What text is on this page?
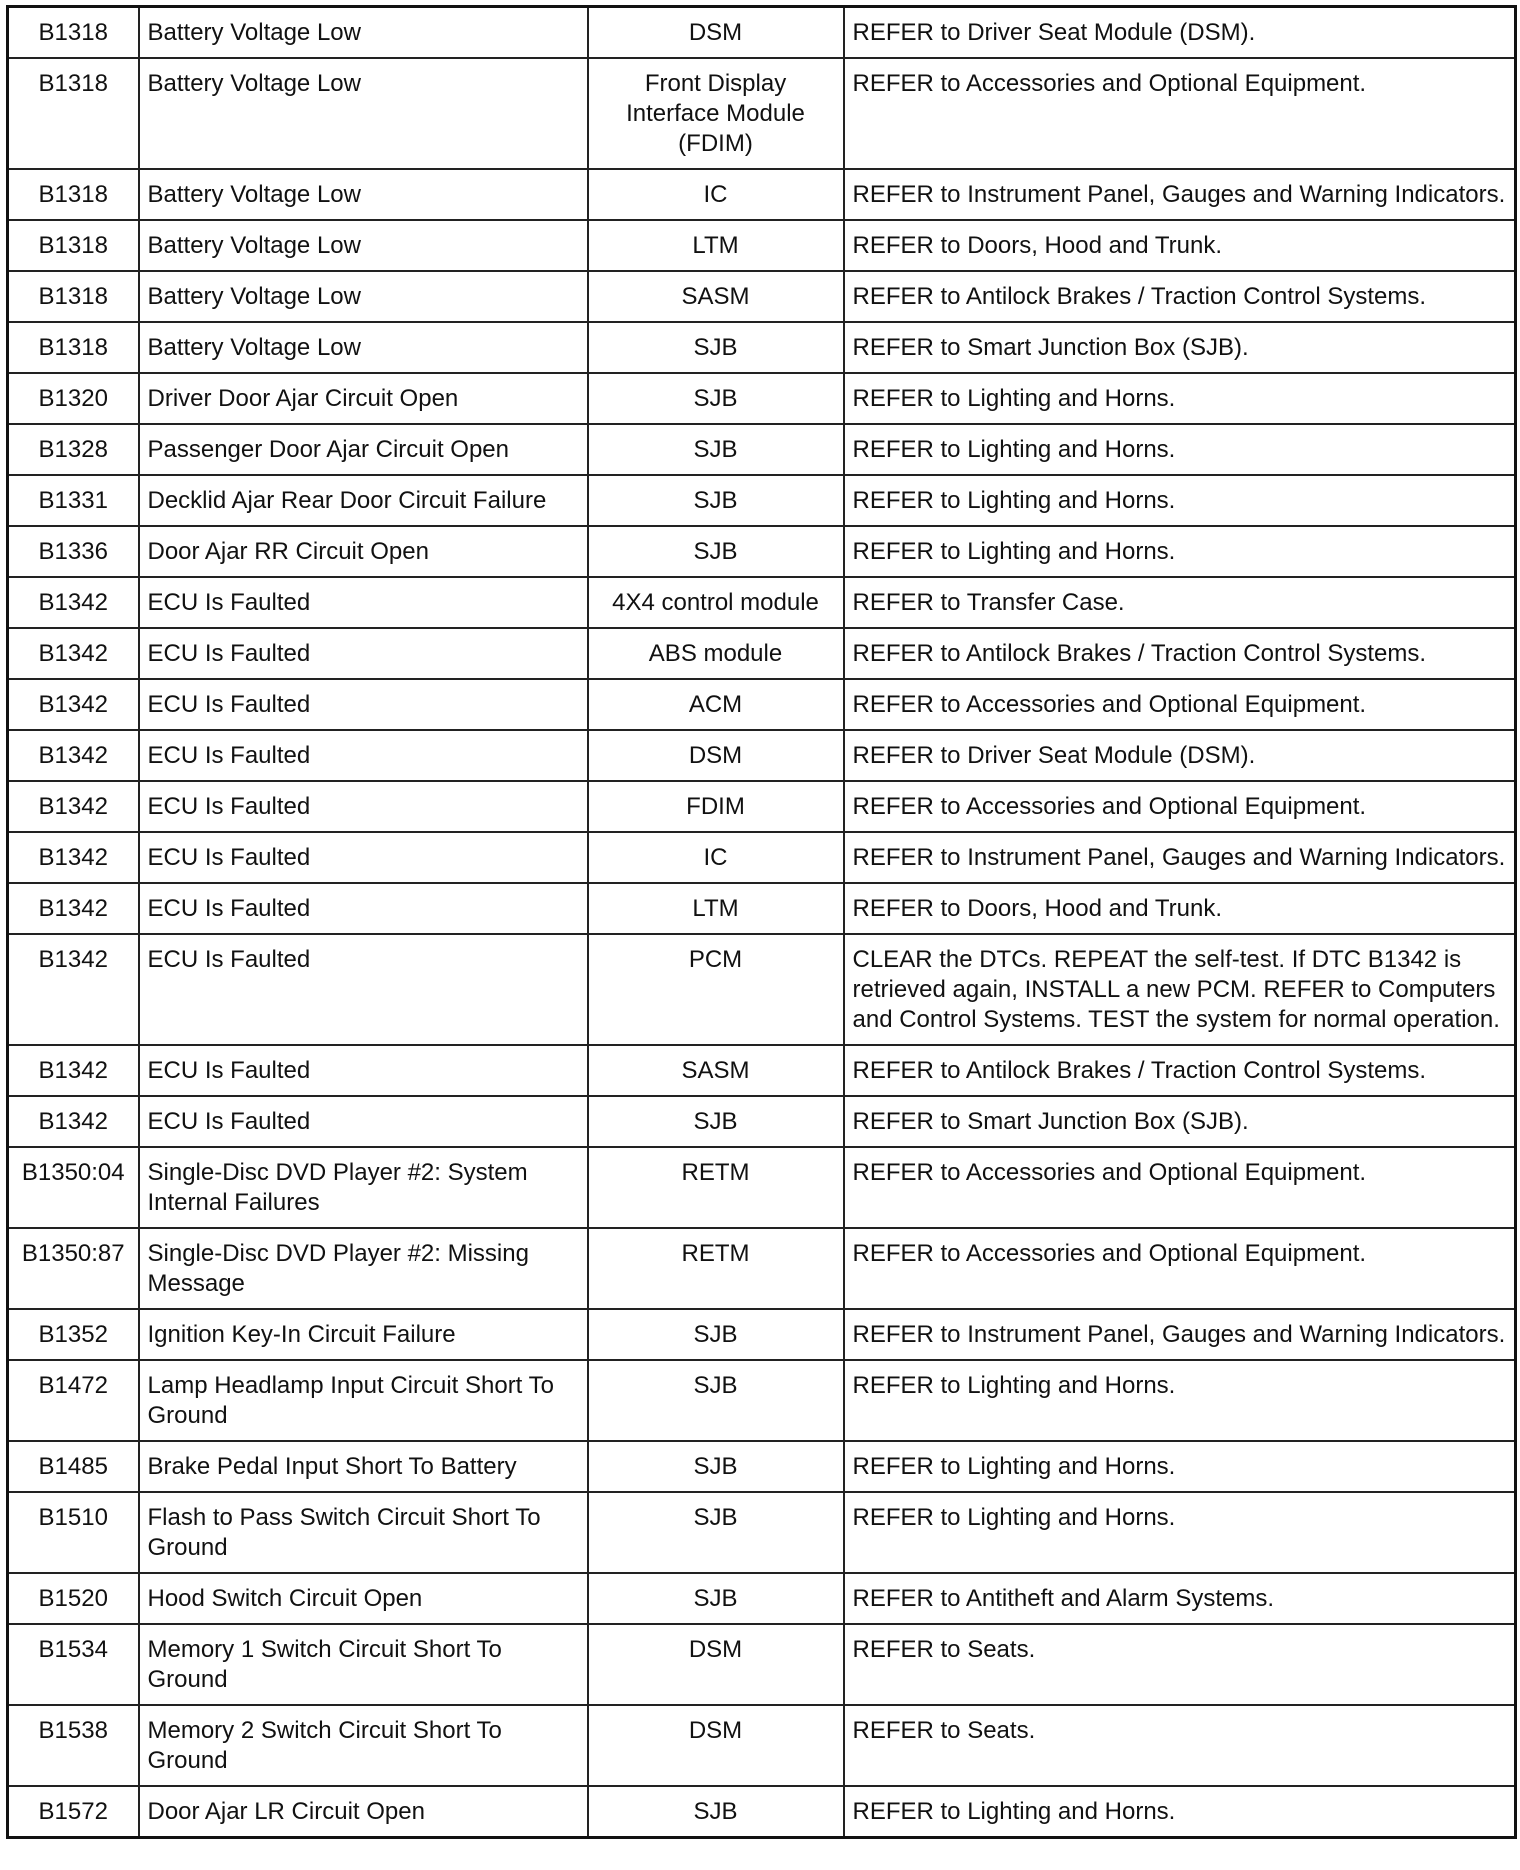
B1318	Battery Voltage Low	DSM	REFER to Driver Seat Module (DSM).
B1318	Battery Voltage Low	Front Display Interface Module (FDIM)	REFER to Accessories and Optional Equipment.
B1318	Battery Voltage Low	IC	REFER to Instrument Panel, Gauges and Warning Indicators.
B1318	Battery Voltage Low	LTM	REFER to Doors, Hood and Trunk.
B1318	Battery Voltage Low	SASM	REFER to Antilock Brakes / Traction Control Systems.
B1318	Battery Voltage Low	SJB	REFER to Smart Junction Box (SJB).
B1320	Driver Door Ajar Circuit Open	SJB	REFER to Lighting and Horns.
B1328	Passenger Door Ajar Circuit Open	SJB	REFER to Lighting and Horns.
B1331	Decklid Ajar Rear Door Circuit Failure	SJB	REFER to Lighting and Horns.
B1336	Door Ajar RR Circuit Open	SJB	REFER to Lighting and Horns.
B1342	ECU Is Faulted	4X4 control module	REFER to Transfer Case.
B1342	ECU Is Faulted	ABS module	REFER to Antilock Brakes / Traction Control Systems.
B1342	ECU Is Faulted	ACM	REFER to Accessories and Optional Equipment.
B1342	ECU Is Faulted	DSM	REFER to Driver Seat Module (DSM).
B1342	ECU Is Faulted	FDIM	REFER to Accessories and Optional Equipment.
B1342	ECU Is Faulted	IC	REFER to Instrument Panel, Gauges and Warning Indicators.
B1342	ECU Is Faulted	LTM	REFER to Doors, Hood and Trunk.
B1342	ECU Is Faulted	PCM	CLEAR the DTCs. REPEAT the self-test. If DTC B1342 is retrieved again, INSTALL a new PCM. REFER to Computers and Control Systems. TEST the system for normal operation.
B1342	ECU Is Faulted	SASM	REFER to Antilock Brakes / Traction Control Systems.
B1342	ECU Is Faulted	SJB	REFER to Smart Junction Box (SJB).
B1350:04	Single-Disc DVD Player #2: System Internal Failures	RETM	REFER to Accessories and Optional Equipment.
B1350:87	Single-Disc DVD Player #2: Missing Message	RETM	REFER to Accessories and Optional Equipment.
B1352	Ignition Key-In Circuit Failure	SJB	REFER to Instrument Panel, Gauges and Warning Indicators.
B1472	Lamp Headlamp Input Circuit Short To Ground	SJB	REFER to Lighting and Horns.
B1485	Brake Pedal Input Short To Battery	SJB	REFER to Lighting and Horns.
B1510	Flash to Pass Switch Circuit Short To Ground	SJB	REFER to Lighting and Horns.
B1520	Hood Switch Circuit Open	SJB	REFER to Antitheft and Alarm Systems.
B1534	Memory 1 Switch Circuit Short To Ground	DSM	REFER to Seats.
B1538	Memory 2 Switch Circuit Short To Ground	DSM	REFER to Seats.
B1572	Door Ajar LR Circuit Open	SJB	REFER to Lighting and Horns.
